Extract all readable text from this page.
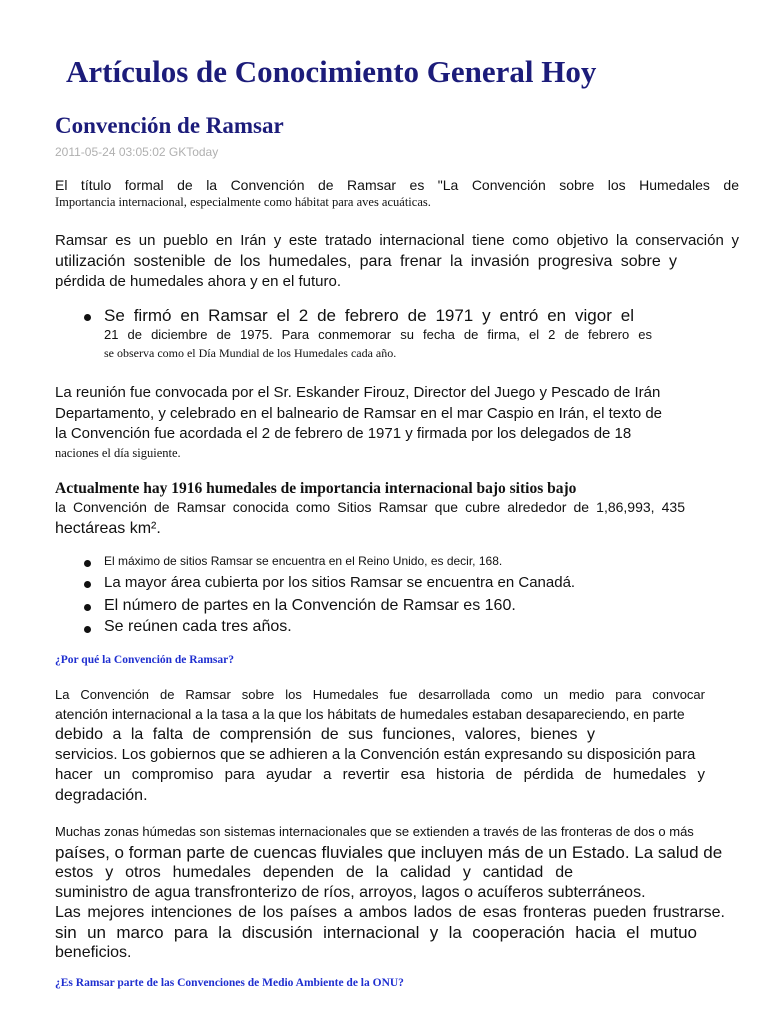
Artículos de Conocimiento General Hoy
Convención de Ramsar
2011-05-24 03:05:02 GKToday
El título formal de la Convención de Ramsar es "La Convención sobre los Humedales de
Importancia internacional, especialmente como hábitat para aves acuáticas.
Ramsar es un pueblo en Irán y este tratado internacional tiene como objetivo la conservación y
utilización sostenible de los humedales, para frenar la invasión progresiva sobre y
pérdida de humedales ahora y en el futuro.
Se firmó en Ramsar el 2 de febrero de 1971 y entró en vigor el
21 de diciembre de 1975. Para conmemorar su fecha de firma, el 2 de febrero es
se observa como el Día Mundial de los Humedales cada año.
La reunión fue convocada por el Sr. Eskander Firouz, Director del Juego y Pescado de Irán
Departamento, y celebrado en el balneario de Ramsar en el mar Caspio en Irán, el texto de
la Convención fue acordada el 2 de febrero de 1971 y firmada por los delegados de 18
naciones el día siguiente.
Actualmente hay 1916 humedales de importancia internacional bajo sitios bajo
la Convención de Ramsar conocida como Sitios Ramsar que cubre alrededor de 1,86,993, 435
hectáreas km².
El máximo de sitios Ramsar se encuentra en el Reino Unido, es decir, 168.
La mayor área cubierta por los sitios Ramsar se encuentra en Canadá.
El número de partes en la Convención de Ramsar es 160.
Se reúnen cada tres años.
¿Por qué la Convención de Ramsar?
La Convención de Ramsar sobre los Humedales fue desarrollada como un medio para convocar
atención internacional a la tasa a la que los hábitats de humedales estaban desapareciendo, en parte
debido a la falta de comprensión de sus funciones, valores, bienes y
servicios. Los gobiernos que se adhieren a la Convención están expresando su disposición para
hacer un compromiso para ayudar a revertir esa historia de pérdida de humedales y
degradación.
Muchas zonas húmedas son sistemas internacionales que se extienden a través de las fronteras de dos o más
países, o forman parte de cuencas fluviales que incluyen más de un Estado. La salud de
estos y otros humedales dependen de la calidad y cantidad de
suministro de agua transfronterizo de ríos, arroyos, lagos o acuíferos subterráneos.
Las mejores intenciones de los países a ambos lados de esas fronteras pueden frustrarse.
sin un marco para la discusión internacional y la cooperación hacia el mutuo
beneficios.
¿Es Ramsar parte de las Convenciones de Medio Ambiente de la ONU?
